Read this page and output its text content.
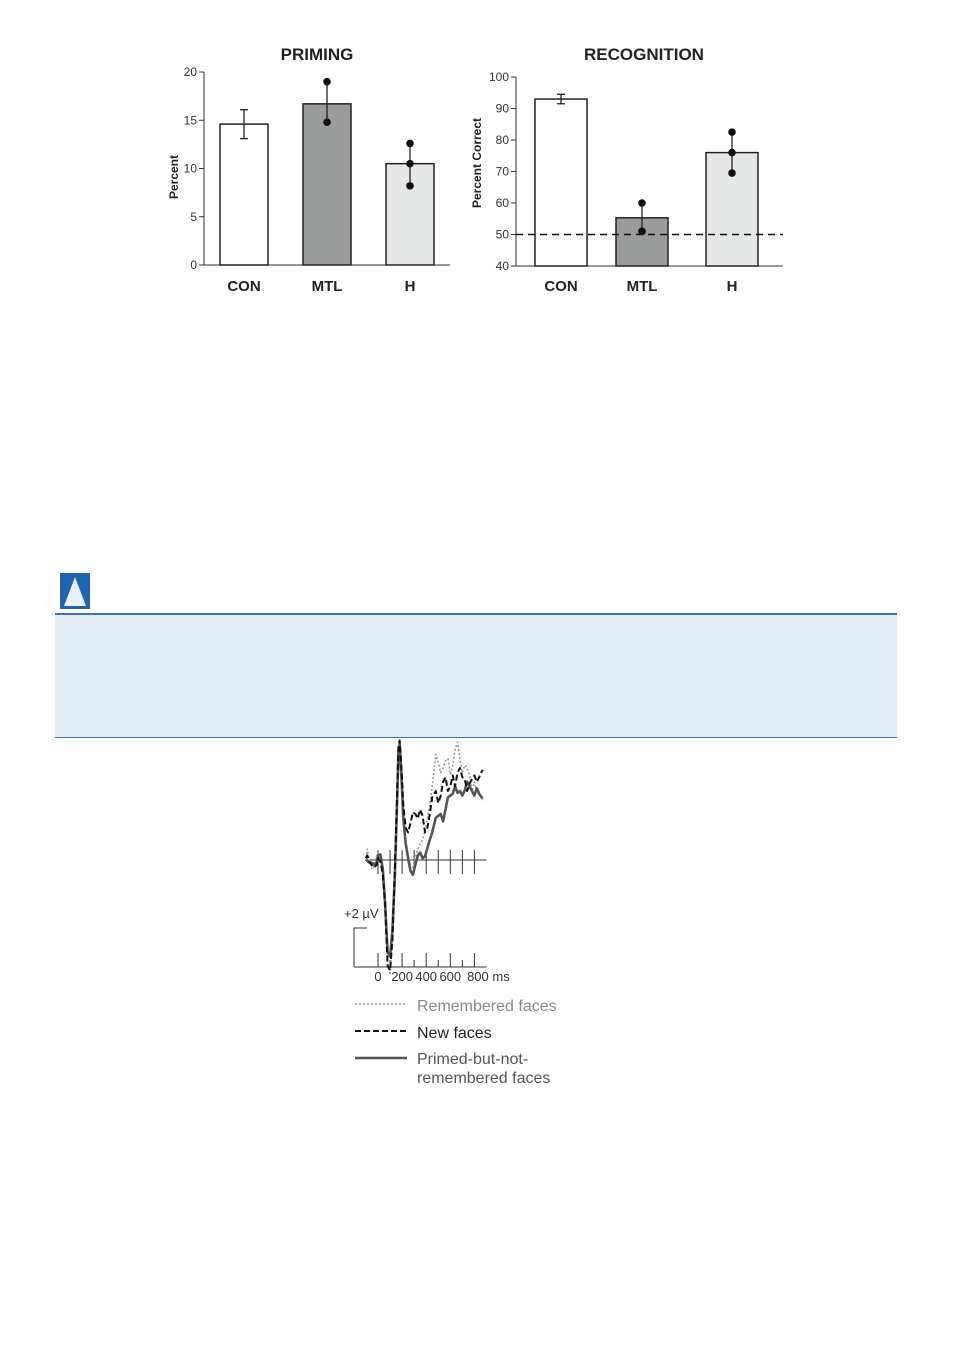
PRIMING
Percent
0
5
10
15
20
CON	MTL	H
RECOGNITION
Percent Correct
40
50
60
70
80
90
100
CON	MTL	H
+2 µV
0 200 400 600 800 ms
Remembered faces
New faces
Primed-but-not- remembered faces
